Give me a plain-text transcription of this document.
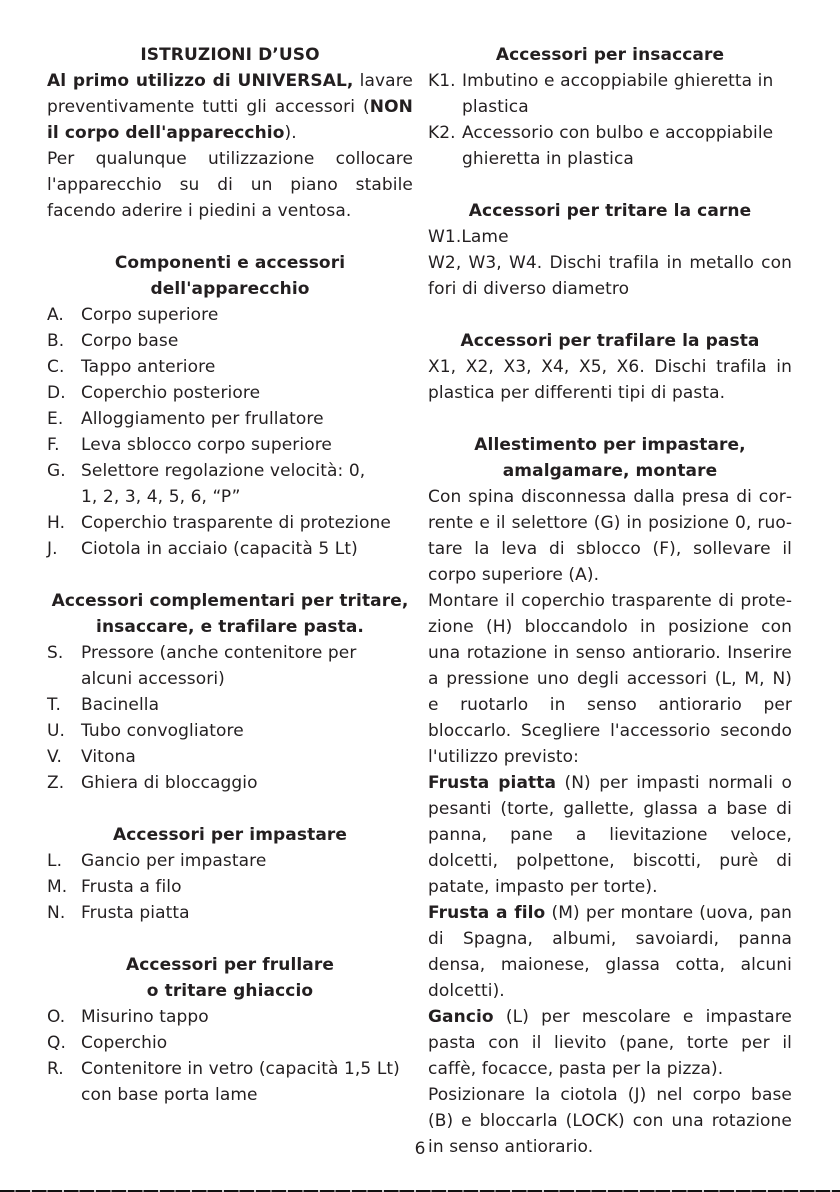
ISTRUZIONI D’USO

Al primo utilizzo di UNIVERSAL, lavare preventivamente tutti gli accessori (NON il corpo dell'apparecchio).

Per qualunque utilizzazione collocare l'apparecchio su di un piano stabile facendo aderire i piedini a ventosa.

Componenti e accessori
dell'apparecchio

A. Corpo superiore
B. Corpo base
C. Tappo anteriore
D. Coperchio posteriore
E. Alloggiamento per frullatore
F. Leva sblocco corpo superiore
G. Selettore regolazione velocità: 0, 1, 2, 3, 4, 5, 6, “P”
H. Coperchio trasparente di protezione
J. Ciotola in acciaio (capacità 5 Lt)

Accessori complementari per tritare,
insaccare, e trafilare pasta.

S. Pressore (anche contenitore per alcuni accessori)
T. Bacinella
U. Tubo convogliatore
V. Vitona
Z. Ghiera di bloccaggio

Accessori per impastare

L. Gancio per impastare
M. Frusta a filo
N. Frusta piatta

Accessori per frullare
o tritare ghiaccio

O. Misurino tappo
Q. Coperchio
R. Contenitore in vetro (capacità 1,5 Lt) con base porta lame

Accessori per insaccare

K1. Imbutino e accoppiabile ghieretta in plastica
K2. Accessorio con bulbo e accoppiabile ghieretta in plastica

Accessori per tritare la carne

W1.Lame

W2, W3, W4. Dischi trafila in metallo con fori di diverso diametro

Accessori per trafilare la pasta

X1, X2, X3, X4, X5, X6. Dischi trafila in plastica per differenti tipi di pasta.

Allestimento per impastare,
amalgamare, montare

Con spina disconnessa dalla presa di corrente e il selettore (G) in posizione 0, ruotare la leva di sblocco (F), sollevare il corpo superiore (A).

Montare il coperchio trasparente di protezione (H) bloccandolo in posizione con una rotazione in senso antiorario. Inserire a pressione uno degli accessori (L, M, N) e ruotarlo in senso antiorario per bloccarlo. Scegliere l'accessorio secondo l'utilizzo previsto:

Frusta piatta (N) per impasti normali o pesanti (torte, gallette, glassa a base di panna, pane a lievitazione veloce, dolcetti, polpettone, biscotti, purè di patate, impasto per torte).

Frusta a filo (M) per montare (uova, pan di Spagna, albumi, savoiardi, panna densa, maionese, glassa cotta, alcuni dolcetti).

Gancio (L) per mescolare e impastare pasta con il lievito (pane, torte per il caffè, focacce, pasta per la pizza).

Posizionare la ciotola (J) nel corpo base (B) e bloccarla (LOCK) con una rotazione in senso antiorario.

6
